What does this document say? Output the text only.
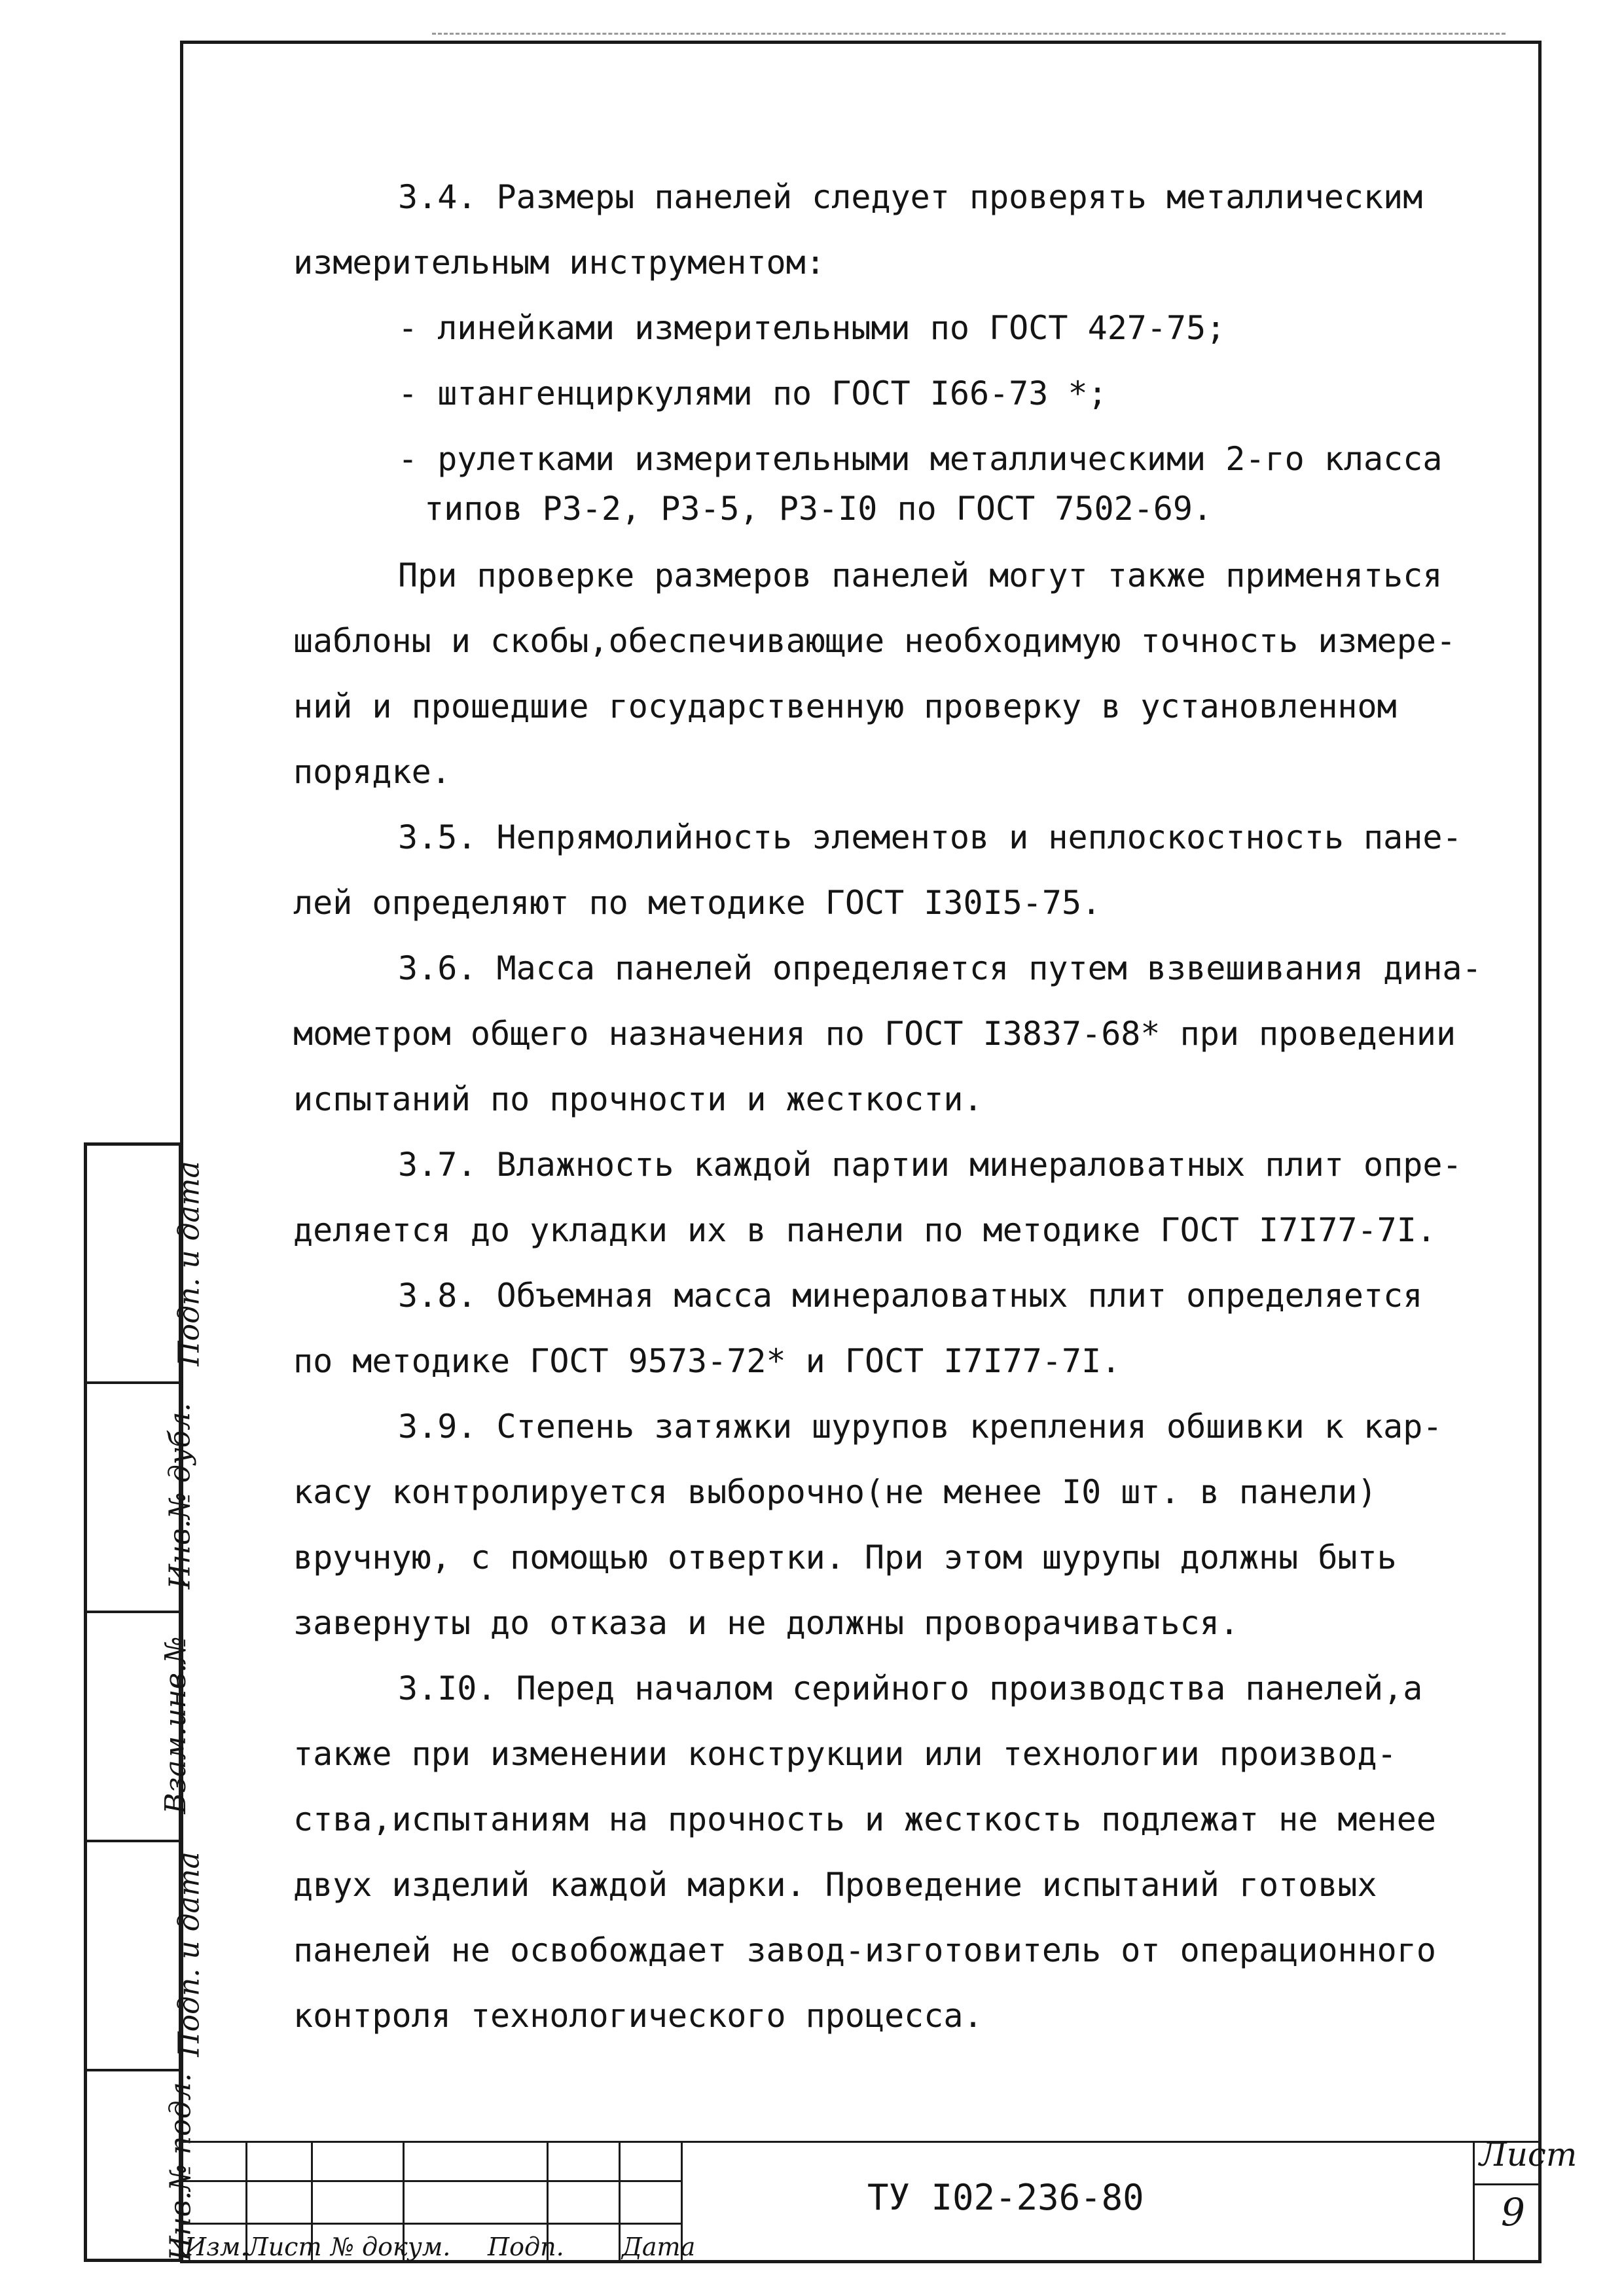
3.4. Размеры панелей следует проверять металлическим
измерительным инструментом:
- линейками измерительными по ГОСТ 427-75;
- штангенциркулями по ГОСТ I66-73 *;
- рулетками измерительными металлическими 2-го класса
типов Р3-2, Р3-5, Р3-I0 по ГОСТ 7502-69.
При проверке размеров панелей могут также применяться
шаблоны и скобы,обеспечивающие необходимую точность измере-
ний и прошедшие государственную проверку в установленном
порядке.
3.5. Непрямолийность элементов и неплоскостность пане-
лей определяют по методике ГОСТ I30I5-75.
3.6. Масса панелей определяется путем взвешивания дина-
мометром общего назначения по ГОСТ I3837-68* при проведении
испытаний по прочности и жесткости.
3.7. Влажность каждой партии минераловатных плит опре-
деляется до укладки их в панели по методике ГОСТ I7I77-7I.
3.8. Объемная масса минераловатных плит определяется
по методике ГОСТ 9573-72* и ГОСТ I7I77-7I.
3.9. Степень затяжки шурупов крепления обшивки к кар-
касу контролируется выборочно(не менее I0 шт. в панели)
вручную, с помощью отвертки. При этом шурупы должны быть
завернуты до отказа и не должны проворачиваться.
3.I0. Перед началом серийного производства панелей,а
также при изменении конструкции или технологии производ-
ства,испытаниям на прочность и жесткость подлежат не менее
двух изделий каждой марки. Проведение испытаний готовых
панелей не освобождает завод-изготовитель от операционного
контроля технологического процесса.
Подп. и дата
Инв.№ дубл.
Взам.инв.№
Подп. и дата
Инв.№ подл.
Изм.
Лист № докум. Подп. Дата
ТУ I02-236-80
Лист
9
